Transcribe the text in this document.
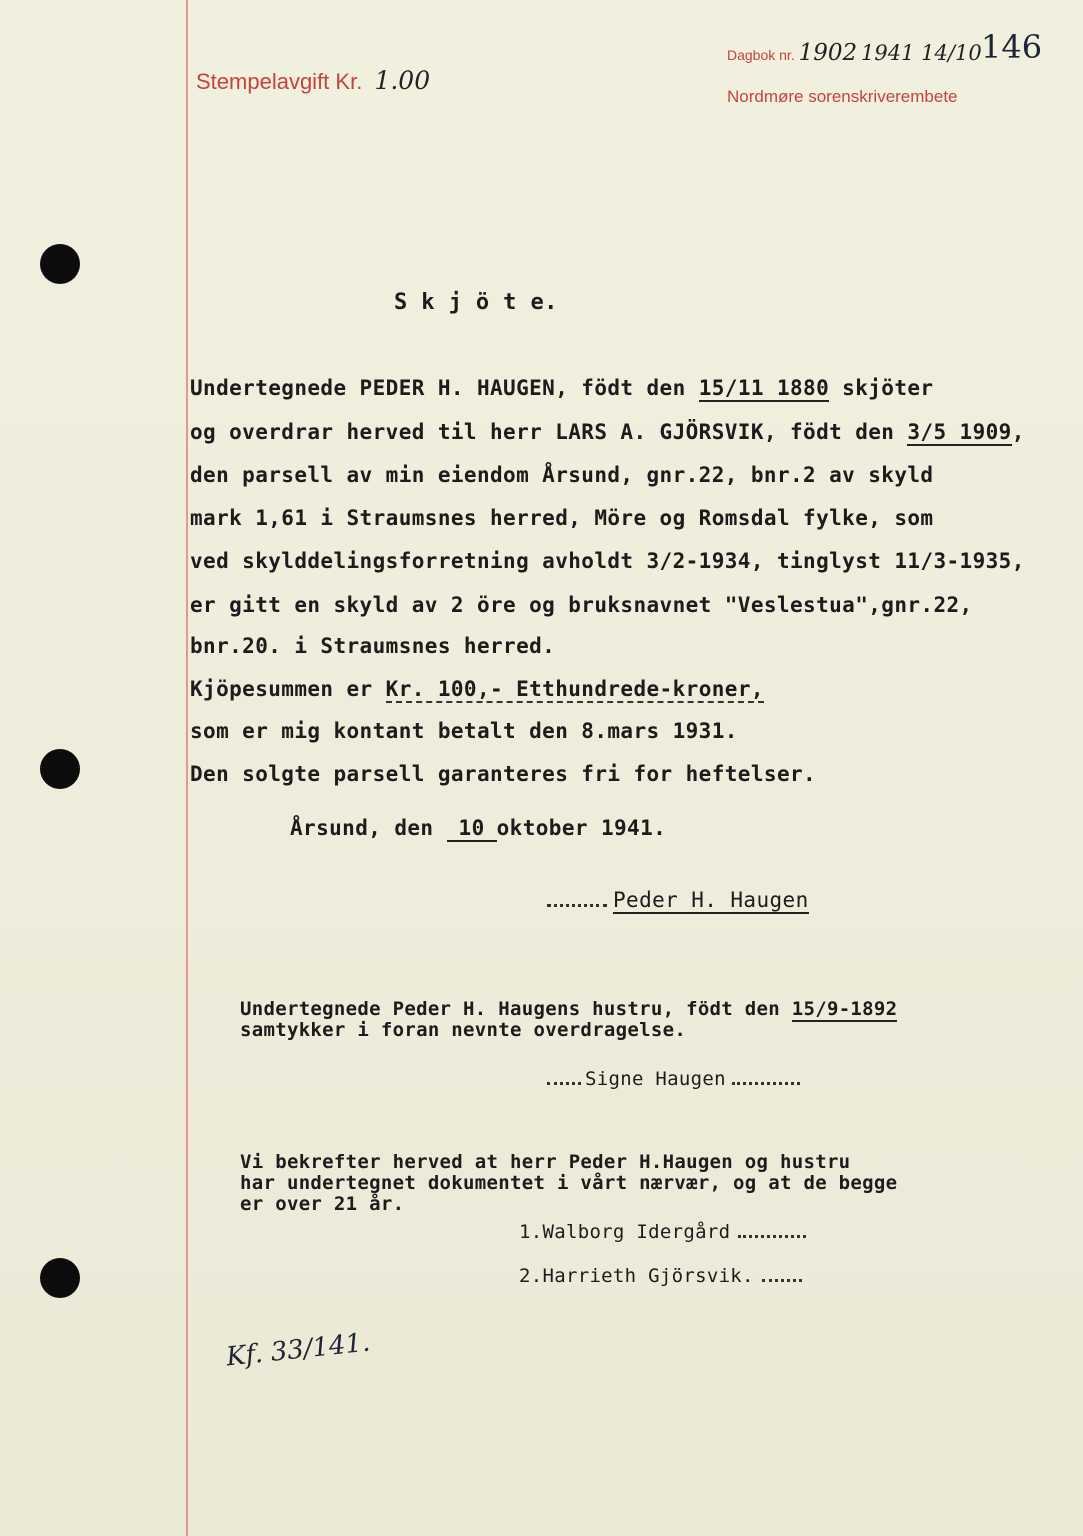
Stempelavgift Kr. 1.00
Dagbok nr. 1902 1941 14/10
Nordmøre sorenskriverembete
146
S k j ö t e.
Undertegnede PEDER H. HAUGEN, födt den 15/11 1880 skjöter
og overdrar herved til herr LARS A. GJÖRSVIK, födt den 3/5 1909,
den parsell av min eiendom Årsund, gnr.22, bnr.2 av skyld
mark 1,61 i Straumsnes herred, Möre og Romsdal fylke, som
ved skylddelingsforretning avholdt 3/2-1934, tinglyst 11/3-1935,
er gitt en skyld av 2 öre og bruksnavnet "Veslestua",gnr.22,
bnr.20. i Straumsnes herred.
Kjöpesummen er Kr. 100,- Etthundrede-kroner,
som er mig kontant betalt den 8.mars 1931.
Den solgte parsell garanteres fri for heftelser.
Årsund, den 10 oktober 1941.
Peder H. Haugen
Undertegnede Peder H. Haugens hustru, födt den 15/9-1892
samtykker i foran nevnte overdragelse.
Signe Haugen
Vi bekrefter herved at herr Peder H.Haugen og hustru
har undertegnet dokumentet i vårt nærvær, og at de begge
er over 21 år.
1.Walborg Idergård
2.Harrieth Gjörsvik.
Kf. 33/141.
